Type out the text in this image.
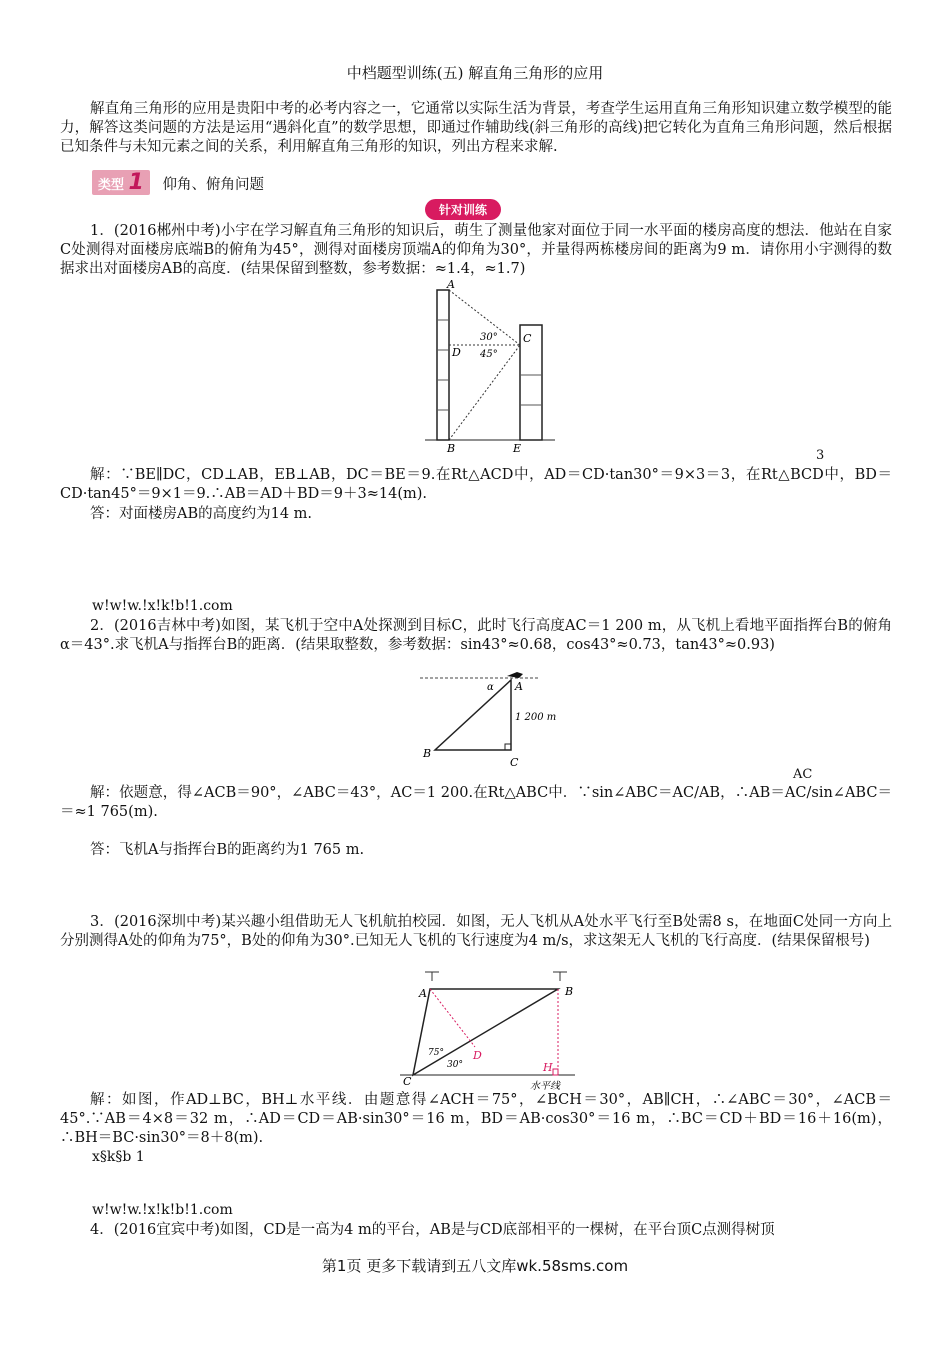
中档题型训练(五) 解直角三角形的应用
解直角三角形的应用是贵阳中考的必考内容之一，它通常以实际生活为背景，考查学生运用直角三角形知识建立数学模型的能力，解答这类问题的方法是运用“遇斜化直”的数学思想，即通过作辅助线(斜三角形的高线)把它转化为直角三角形问题，然后根据已知条件与未知元素之间的关系，利用解直角三角形的知识，列出方程来求解.
类型 1 仰角、俯角问题
针对训练
1．(2016郴州中考)小宇在学习解直角三角形的知识后，萌生了测量他家对面位于同一水平面的楼房高度的想法．他站在自家C处测得对面楼房底端B的俯角为45°，测得对面楼房顶端A的仰角为30°，并量得两栋楼房间的距离为9 m．请你用小宇测得的数据求出对面楼房AB的高度．(结果保留到整数，参考数据：≈1.4，≈1.7)
A
B
C
D
E
30°
45°
3
解：∵BE∥DC，CD⊥AB，EB⊥AB，DC＝BE＝9.在Rt△ACD中，AD＝CD·tan30°＝9×3＝3，在Rt△BCD中，BD＝CD·tan45°＝9×1＝9.∴AB＝AD＋BD＝9＋3≈14(m).
答：对面楼房AB的高度约为14 m.
w!w!w.!x!k!b!1.com
2．(2016吉林中考)如图，某飞机于空中A处探测到目标C，此时飞行高度AC＝1 200 m，从飞机上看地平面指挥台B的俯角α＝43°.求飞机A与指挥台B的距离．(结果取整数，参考数据：sin43°≈0.68，cos43°≈0.73，tan43°≈0.93)
A
B
C
α
1 200 m
AC
解：依题意，得∠ACB＝90°，∠ABC＝43°，AC＝1 200.在Rt△ABC中．∵sin∠ABC＝AC/AB，∴AB＝AC/sin∠ABC＝＝≈1 765(m).
答：飞机A与指挥台B的距离约为1 765 m.
3．(2016深圳中考)某兴趣小组借助无人飞机航拍校园．如图，无人飞机从A处水平飞行至B处需8 s，在地面C处同一方向上分别测得A处的仰角为75°，B处的仰角为30°.已知无人飞机的飞行速度为4 m/s，求这架无人飞机的飞行高度．(结果保留根号)
A	B
C
D
H
75°
30°
水平线
解：如图，作AD⊥BC，BH⊥水平线．由题意得∠ACH＝75°，∠BCH＝30°，AB∥CH，∴∠ABC＝30°，∠ACB＝45°.∵AB＝4×8＝32 m，∴AD＝CD＝AB·sin30°＝16 m，BD＝AB·cos30°＝16 m，∴BC＝CD＋BD＝16＋16(m)，∴BH＝BC·sin30°＝8＋8(m).
x§k§b 1
w!w!w.!x!k!b!1.com
4．(2016宜宾中考)如图，CD是一高为4 m的平台，AB是与CD底部相平的一棵树，在平台顶C点测得树顶
第1页 更多下载请到五八文库wk.58sms.com
